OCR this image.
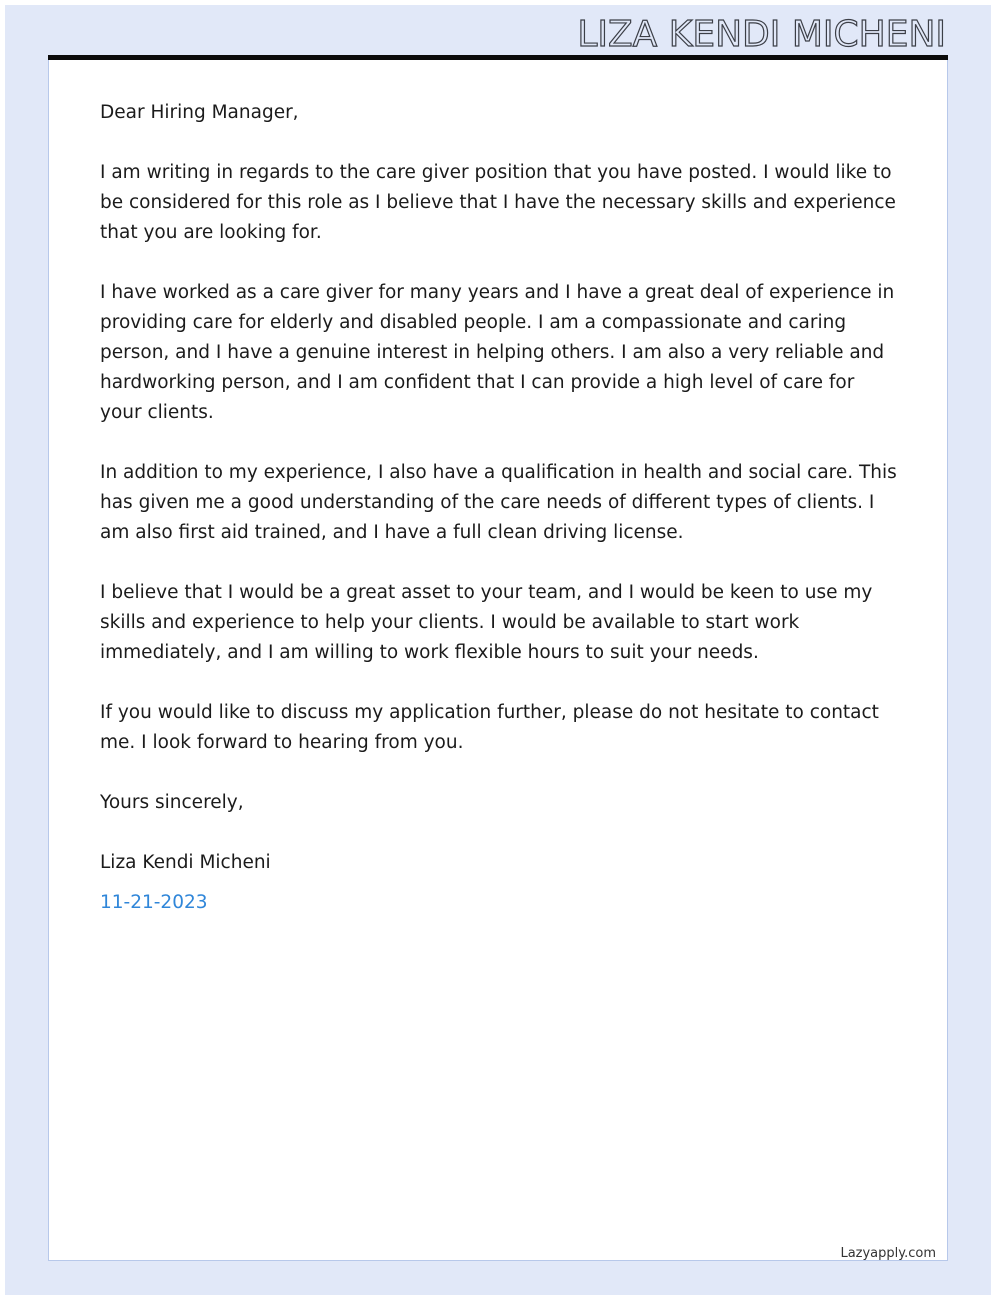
LIZA KENDI MICHENI

Dear Hiring Manager,

I am writing in regards to the care giver position that you have posted. I would like to be considered for this role as I believe that I have the necessary skills and experience that you are looking for.

I have worked as a care giver for many years and I have a great deal of experience in providing care for elderly and disabled people. I am a compassionate and caring person, and I have a genuine interest in helping others. I am also a very reliable and hardworking person, and I am confident that I can provide a high level of care for your clients.

In addition to my experience, I also have a qualification in health and social care. This has given me a good understanding of the care needs of different types of clients. I am also first aid trained, and I have a full clean driving license.

I believe that I would be a great asset to your team, and I would be keen to use my skills and experience to help your clients. I would be available to start work immediately, and I am willing to work flexible hours to suit your needs.

If you would like to discuss my application further, please do not hesitate to contact me. I look forward to hearing from you.

Yours sincerely,

Liza Kendi Micheni

11-21-2023

Lazyapply.com
